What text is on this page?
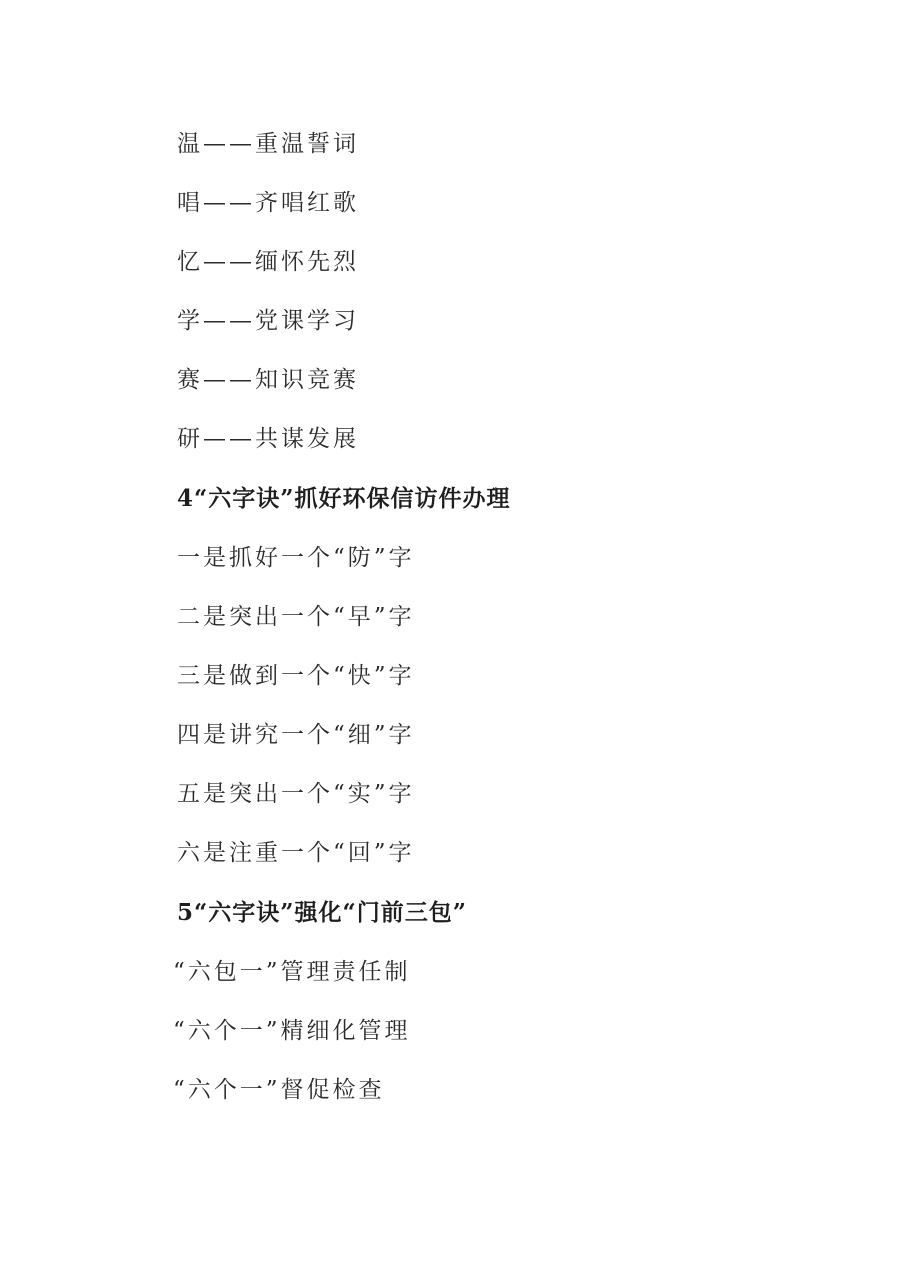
温——重温誓词
唱——齐唱红歌
忆——缅怀先烈
学——党课学习
赛——知识竞赛
研——共谋发展
4“六字诀”抓好环保信访件办理
一是抓好一个“防”字
二是突出一个“早”字
三是做到一个“快”字
四是讲究一个“细”字
五是突出一个“实”字
六是注重一个“回”字
5“六字诀”强化“门前三包”
“六包一”管理责任制
“六个一”精细化管理
“六个一”督促检查
